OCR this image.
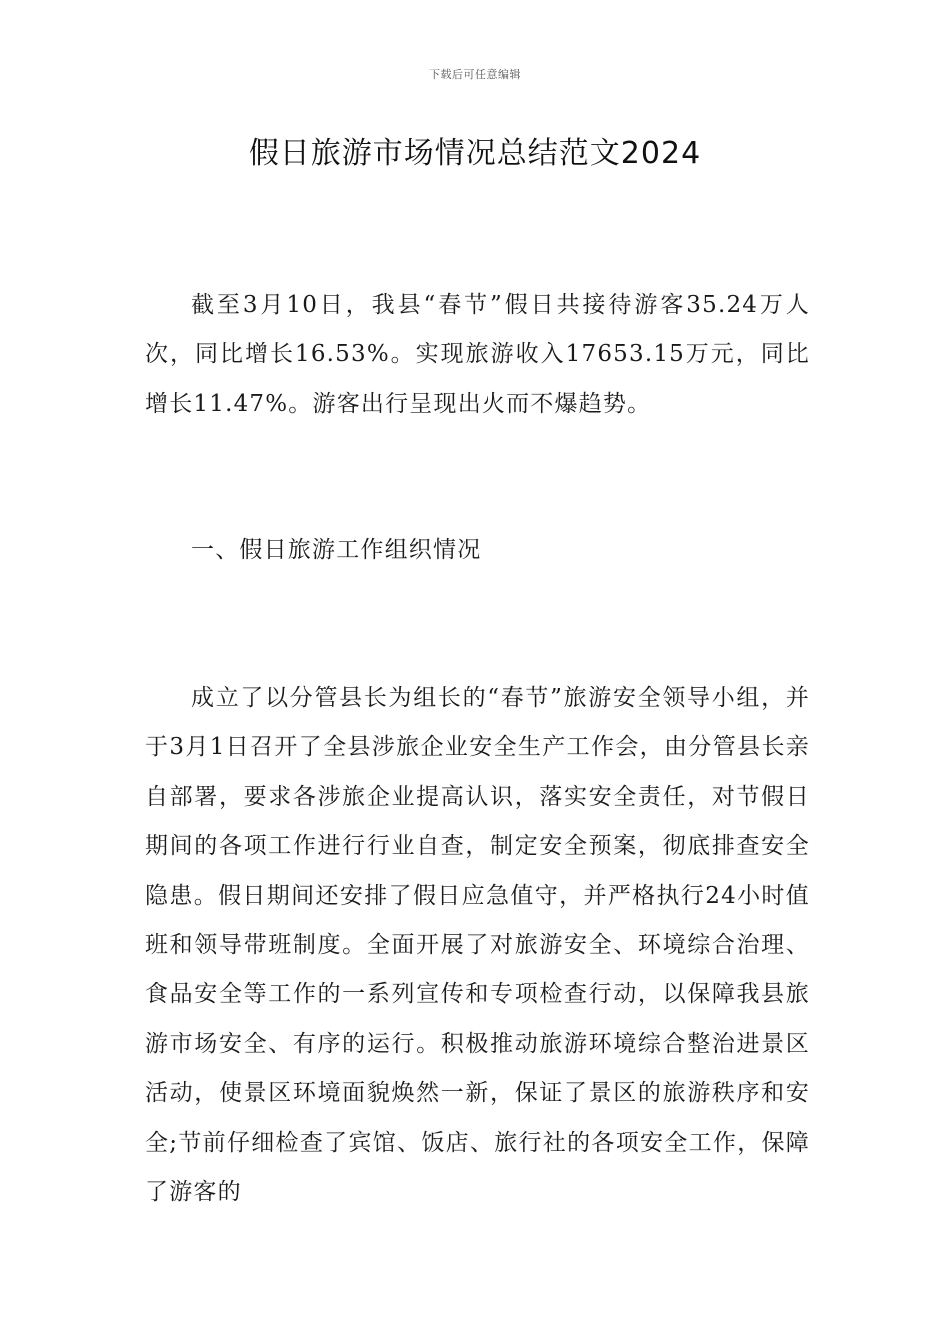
下载后可任意编辑
假日旅游市场情况总结范文2024

截至3月10日，我县“春节”假日共接待游客35.24万人次，同比增长16.53%。实现旅游收入17653.15万元，同比增长11.47%。游客出行呈现出火而不爆趋势。

一、假日旅游工作组织情况

成立了以分管县长为组长的“春节”旅游安全领导小组，并于3月1日召开了全县涉旅企业安全生产工作会，由分管县长亲自部署，要求各涉旅企业提高认识，落实安全责任，对节假日期间的各项工作进行行业自查，制定安全预案，彻底排查安全隐患。假日期间还安排了假日应急值守，并严格执行24小时值班和领导带班制度。全面开展了对旅游安全、环境综合治理、食品安全等工作的一系列宣传和专项检查行动，以保障我县旅游市场安全、有序的运行。积极推动旅游环境综合整治进景区活动，使景区环境面貌焕然一新，保证了景区的旅游秩序和安全;节前仔细检查了宾馆、饭店、旅行社的各项安全工作，保障了游客的
